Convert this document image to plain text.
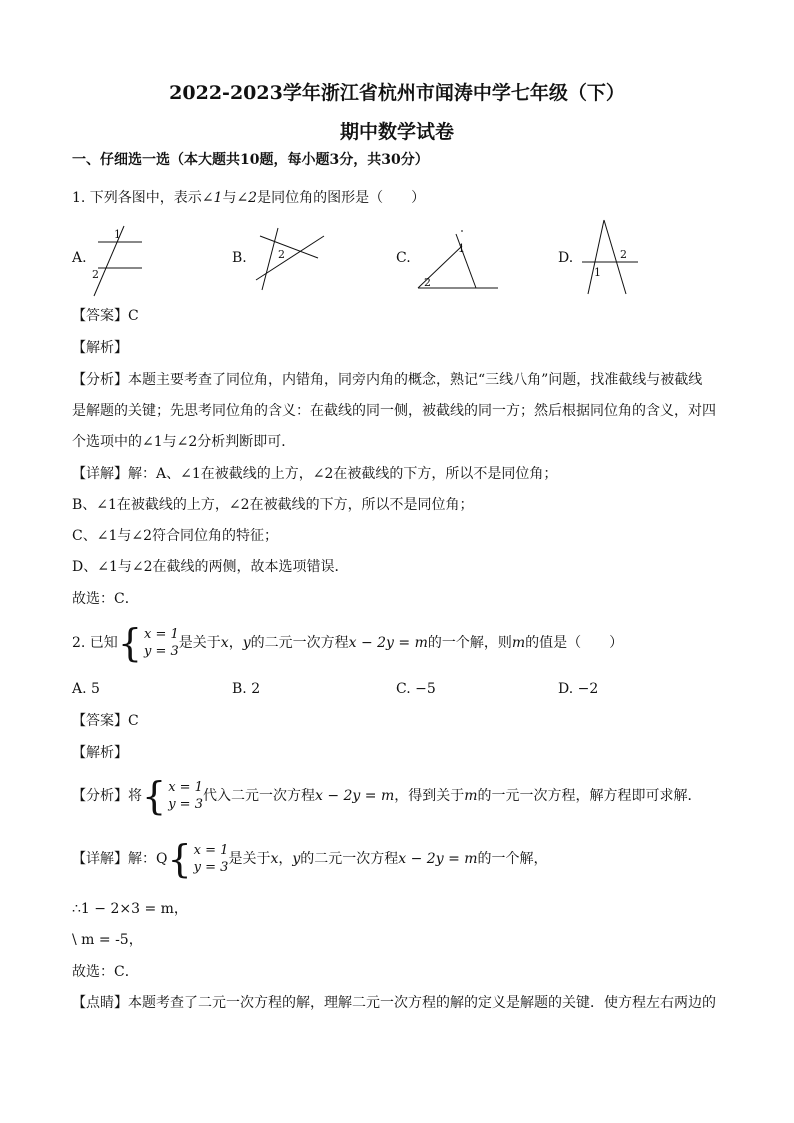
2022-2023学年浙江省杭州市闻涛中学七年级（下）
期中数学试卷
一、仔细选一选（本大题共10题，每小题3分，共30分）
1. 下列各图中，表示∠1与∠2是同位角的图形是（　　）
A.
1
2
B.	2	C.
1
2
D.	2
1
【答案】C
【解析】
【分析】本题主要考查了同位角，内错角，同旁内角的概念，熟记“三线八角”问题，找准截线与被截线
是解题的关键；先思考同位角的含义：在截线的同一侧，被截线的同一方；然后根据同位角的含义，对四
个选项中的∠1与∠2分析判断即可．
【详解】解：A、∠1在被截线的上方，∠2在被截线的下方，所以不是同位角；
B、∠1在被截线的上方，∠2在被截线的下方，所以不是同位角；
C、∠1与∠2符合同位角的特征；
D、∠1与∠2在截线的两侧，故本选项错误．
故选：C．
2. 已知 { x = 1
y = 3
是关于x，y的二元一次方程x − 2y = m的一个解，则m的值是（　　）
A. 5	B. 2	C. −5	D. −2
【答案】C
【解析】
【分析】将 { x = 1
y = 3
代入二元一次方程x − 2y = m，得到关于m的一元一次方程，解方程即可求解．
【详解】解：Q { x = 1
y = 3
是关于x，y的二元一次方程x − 2y = m的一个解，
∴1 − 2×3 = m，
\ m = -5，
故选：C．
【点睛】本题考查了二元一次方程的解，理解二元一次方程的解的定义是解题的关键．使方程左右两边的
